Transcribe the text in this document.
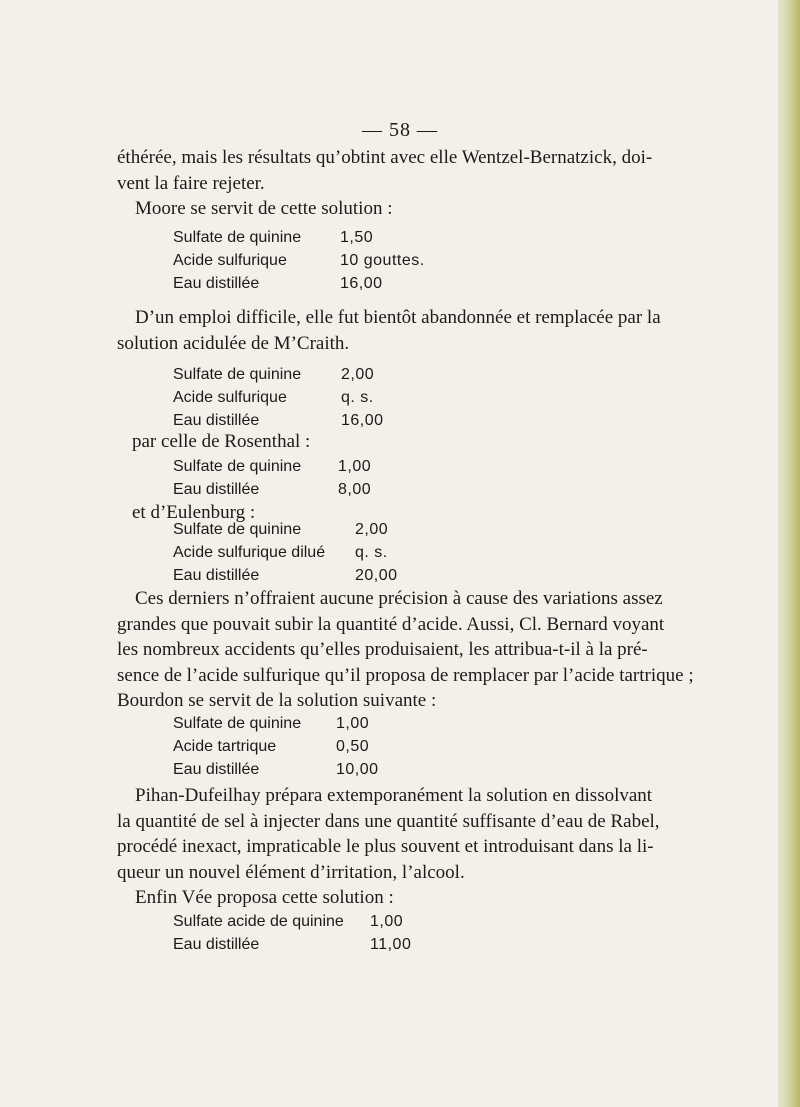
— 58 —
éthérée, mais les résultats qu’obtint avec elle Wentzel-Bernatzick, doi-
vent la faire rejeter.
Moore se servit de cette solution :
Sulfate de quinine 1,50
Acide sulfurique	10 gouttes.
Eau distillée	16,00
D’un emploi difficile, elle fut bientôt abandonnée et remplacée par la
solution acidulée de M’Craith.
Sulfate de quinine 2,00
Acide sulfurique	q. s.
Eau distillée	16,00
par celle de Rosenthal :
Sulfate de quinine 1,00
Eau distillée	8,00
et d’Eulenburg :
Sulfate de quinine	2,00
Acide sulfurique dilué q. s.
Eau distillée	20,00
Ces derniers n’offraient aucune précision à cause des variations assez
grandes que pouvait subir la quantité d’acide. Aussi, Cl. Bernard voyant
les nombreux accidents qu’elles produisaient, les attribua-t-il à la pré-
sence de l’acide sulfurique qu’il proposa de remplacer par l’acide tartrique ;
Bourdon se servit de la solution suivante :
Sulfate de quinine 1,00
Acide tartrique	0,50
Eau distillée	10,00
Pihan-Dufeilhay prépara extemporanément la solution en dissolvant
la quantité de sel à injecter dans une quantité suffisante d’eau de Rabel,
procédé inexact, impraticable le plus souvent et introduisant dans la li-
queur un nouvel élément d’irritation, l’alcool.
Enfin Vée proposa cette solution :
Sulfate acide de quinine 1,00
Eau distillée	11,00
